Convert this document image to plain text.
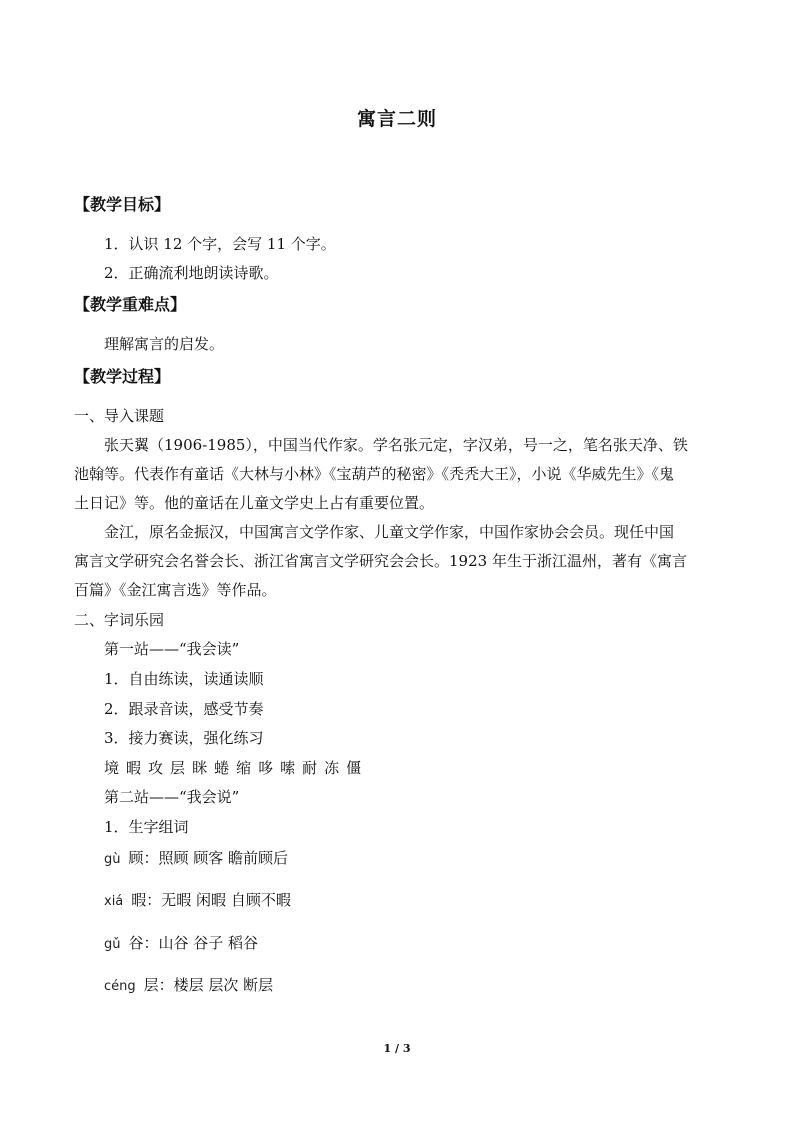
寓言二则
【教学目标】
1．认识 12 个字，会写 11 个字。
2．正确流利地朗读诗歌。
【教学重难点】
理解寓言的启发。
【教学过程】
一、导入课题
张天翼（1906-1985），中国当代作家。学名张元定，字汉弟，号一之，笔名张天净、铁
池翰等。代表作有童话《大林与小林》《宝葫芦的秘密》《秃秃大王》，小说《华威先生》《鬼
土日记》等。他的童话在儿童文学史上占有重要位置。
金江，原名金振汉，中国寓言文学作家、儿童文学作家，中国作家协会会员。现任中国
寓言文学研究会名誉会长、浙江省寓言文学研究会会长。1923 年生于浙江温州，著有《寓言
百篇》《金江寓言选》等作品。
二、字词乐园
第一站——“我会读”
1．自由练读，读通读顺
2．跟录音读，感受节奏
3．接力赛读，强化练习
境 暇 攻 层 眯 蜷 缩 哆 嗦 耐 冻 僵
第二站——“我会说”
1．生字组词
gù 顾：照顾 顾客 瞻前顾后
xiá 暇：无暇 闲暇 自顾不暇
gǔ 谷：山谷 谷子 稻谷
céng 层：楼层 层次 断层
1 / 3
